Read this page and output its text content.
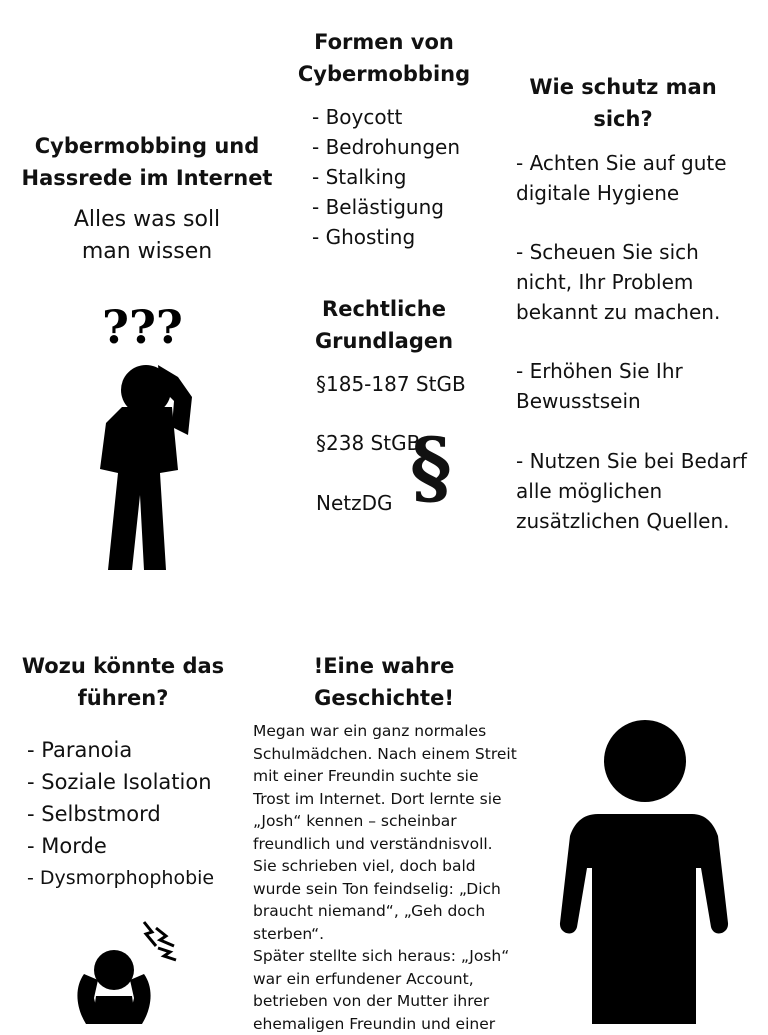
Cybermobbing und Hassrede im Internet
Alles was soll
man wissen
???
Formen von Cybermobbing
- Boycott
- Bedrohungen
- Stalking
- Belästigung
- Ghosting
Rechtliche Grundlagen
§185-187 StGB
§238 StGB
NetzDG §
Wie schutz man sich?
- Achten Sie auf gute digitale Hygiene
- Scheuen Sie sich nicht, Ihr Problem bekannt zu machen.
- Erhöhen Sie Ihr Bewusstsein
- Nutzen Sie bei Bedarf alle möglichen zusätzlichen Quellen.
Wozu könnte das führen?
- Paranoia
- Soziale Isolation
- Selbstmord
- Morde
- Dysmorphophobie
!Eine wahre Geschichte!
Megan war ein ganz normales Schulmädchen. Nach einem Streit mit einer Freundin suchte sie Trost im Internet. Dort lernte sie „Josh“ kennen – scheinbar freundlich und verständnisvoll. Sie schrieben viel, doch bald wurde sein Ton feindselig: „Dich braucht niemand“, „Geh doch sterben“.
Später stellte sich heraus: „Josh“ war ein erfundener Account, betrieben von der Mutter ihrer ehemaligen Freundin und einer
